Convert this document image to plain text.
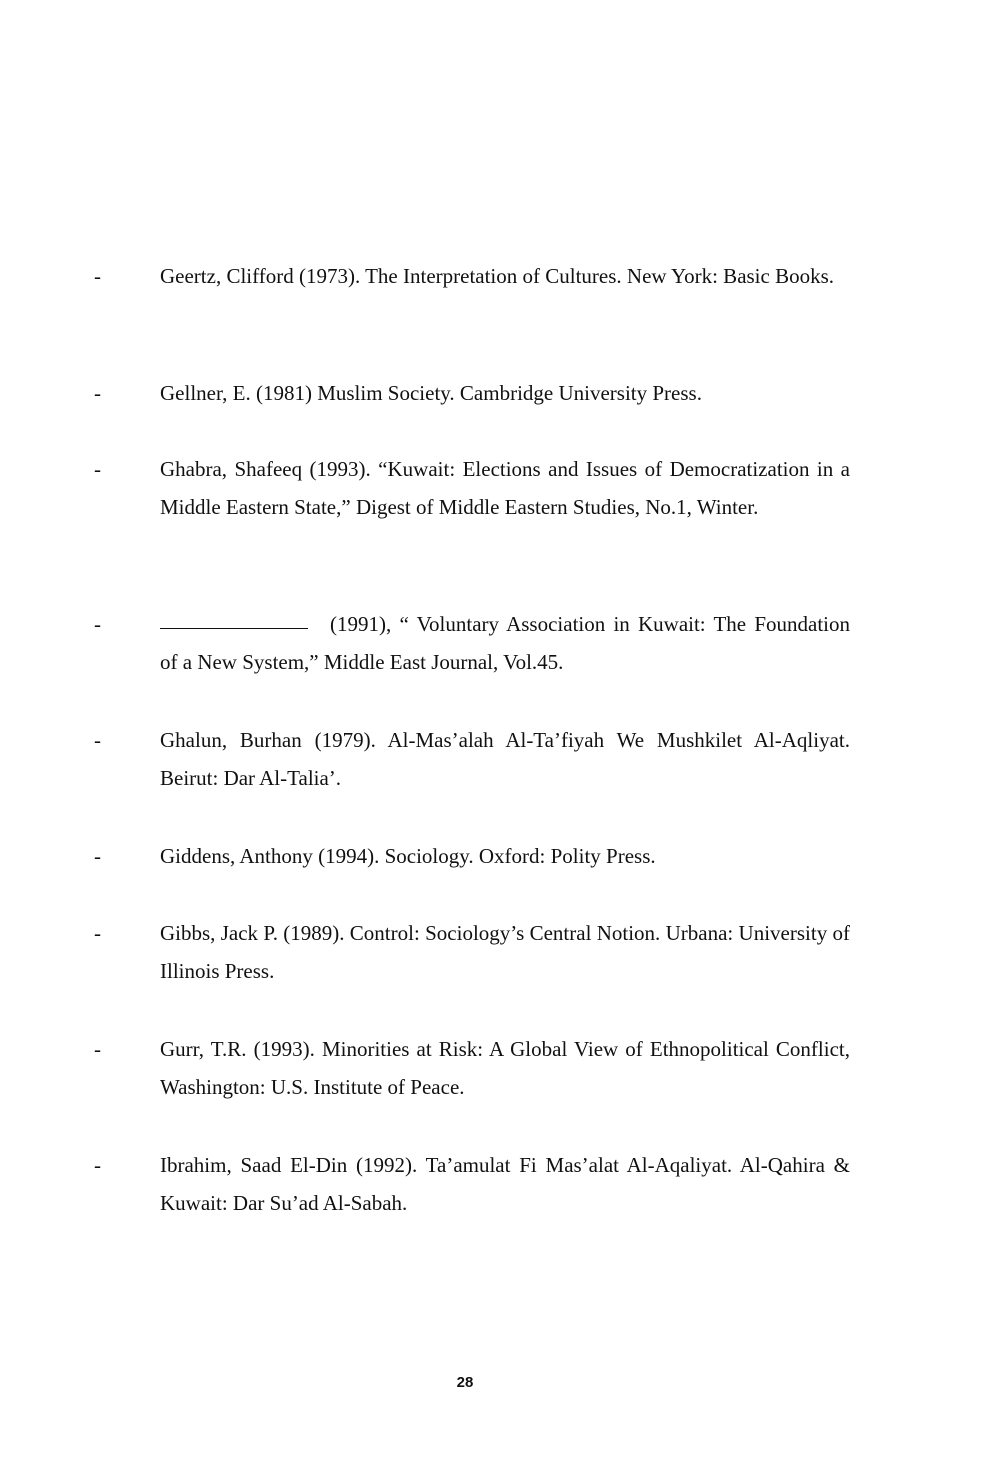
-	Geertz, Clifford (1973). The Interpretation of Cultures. New York: Basic Books.
-	Gellner, E. (1981) Muslim Society. Cambridge University Press.
-	Ghabra, Shafeeq (1993). “Kuwait: Elections and Issues of Democratization in a Middle Eastern State,” Digest of Middle Eastern Studies, No.1, Winter.
-	(1991), “ Voluntary Association in Kuwait: The Foundation of a New System,” Middle East Journal, Vol.45.
-	Ghalun, Burhan (1979). Al-Mas’alah Al-Ta’fiyah We Mushkilet Al-Aqliyat. Beirut: Dar Al-Talia’.
-	Giddens, Anthony (1994). Sociology. Oxford: Polity Press.
-	Gibbs, Jack P. (1989). Control: Sociology’s Central Notion. Urbana: University of Illinois Press.
-	Gurr, T.R. (1993). Minorities at Risk: A Global View of Ethnopolitical Conflict, Washington: U.S. Institute of Peace.
-	Ibrahim, Saad El-Din (1992). Ta’amulat Fi Mas’alat Al-Aqaliyat. Al-Qahira & Kuwait: Dar Su’ad Al-Sabah.
28
